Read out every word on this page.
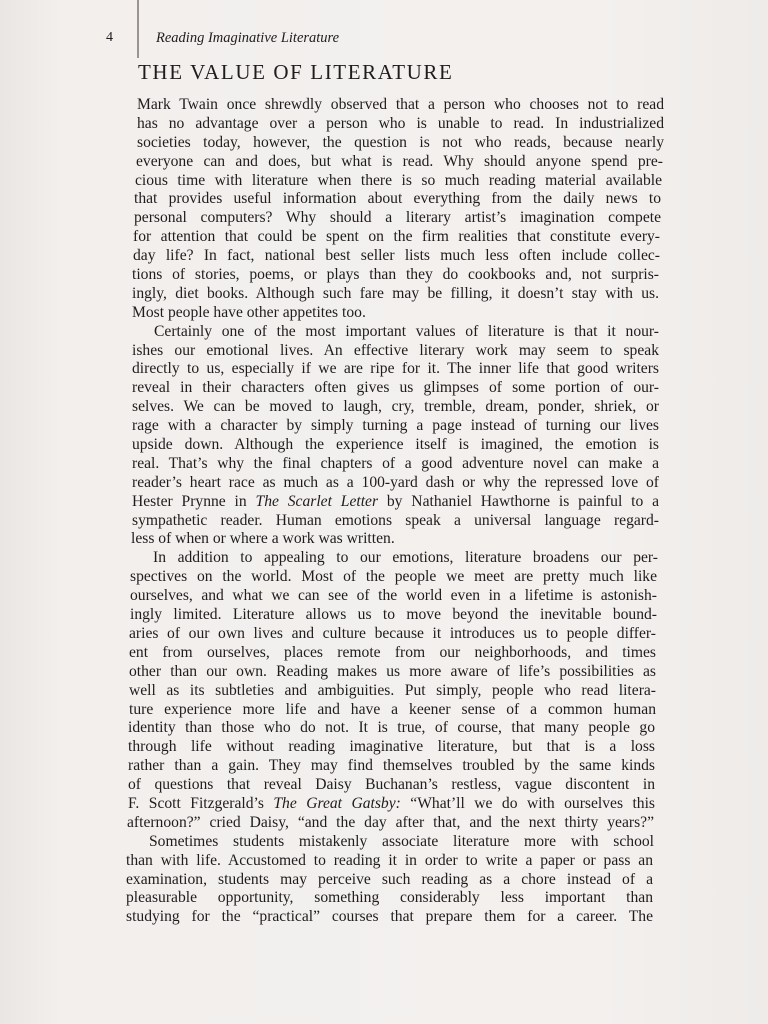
4	Reading Imaginative Literature
THE VALUE OF LITERATURE
Mark Twain once shrewdly observed that a person who chooses not to read
has no advantage over a person who is unable to read. In industrialized
societies today, however, the question is not who reads, because nearly
everyone can and does, but what is read. Why should anyone spend pre-
cious time with literature when there is so much reading material available
that provides useful information about everything from the daily news to
personal computers? Why should a literary artist’s imagination compete
for attention that could be spent on the firm realities that constitute every-
day life? In fact, national best seller lists much less often include collec-
tions of stories, poems, or plays than they do cookbooks and, not surpris-
ingly, diet books. Although such fare may be filling, it doesn’t stay with us.
Most people have other appetites too.
Certainly one of the most important values of literature is that it nour-
ishes our emotional lives. An effective literary work may seem to speak
directly to us, especially if we are ripe for it. The inner life that good writers
reveal in their characters often gives us glimpses of some portion of our-
selves. We can be moved to laugh, cry, tremble, dream, ponder, shriek, or
rage with a character by simply turning a page instead of turning our lives
upside down. Although the experience itself is imagined, the emotion is
real. That’s why the final chapters of a good adventure novel can make a
reader’s heart race as much as a 100-yard dash or why the repressed love of
Hester Prynne in The Scarlet Letter by Nathaniel Hawthorne is painful to a
sympathetic reader. Human emotions speak a universal language regard-
less of when or where a work was written.
In addition to appealing to our emotions, literature broadens our per-
spectives on the world. Most of the people we meet are pretty much like
ourselves, and what we can see of the world even in a lifetime is astonish-
ingly limited. Literature allows us to move beyond the inevitable bound-
aries of our own lives and culture because it introduces us to people differ-
ent from ourselves, places remote from our neighborhoods, and times
other than our own. Reading makes us more aware of life’s possibilities as
well as its subtleties and ambiguities. Put simply, people who read litera-
ture experience more life and have a keener sense of a common human
identity than those who do not. It is true, of course, that many people go
through life without reading imaginative literature, but that is a loss
rather than a gain. They may find themselves troubled by the same kinds
of questions that reveal Daisy Buchanan’s restless, vague discontent in
F. Scott Fitzgerald’s The Great Gatsby: “What’ll we do with ourselves this
afternoon?” cried Daisy, “and the day after that, and the next thirty years?”
Sometimes students mistakenly associate literature more with school
than with life. Accustomed to reading it in order to write a paper or pass an
examination, students may perceive such reading as a chore instead of a
pleasurable opportunity, something considerably less important than
studying for the “practical” courses that prepare them for a career. The
